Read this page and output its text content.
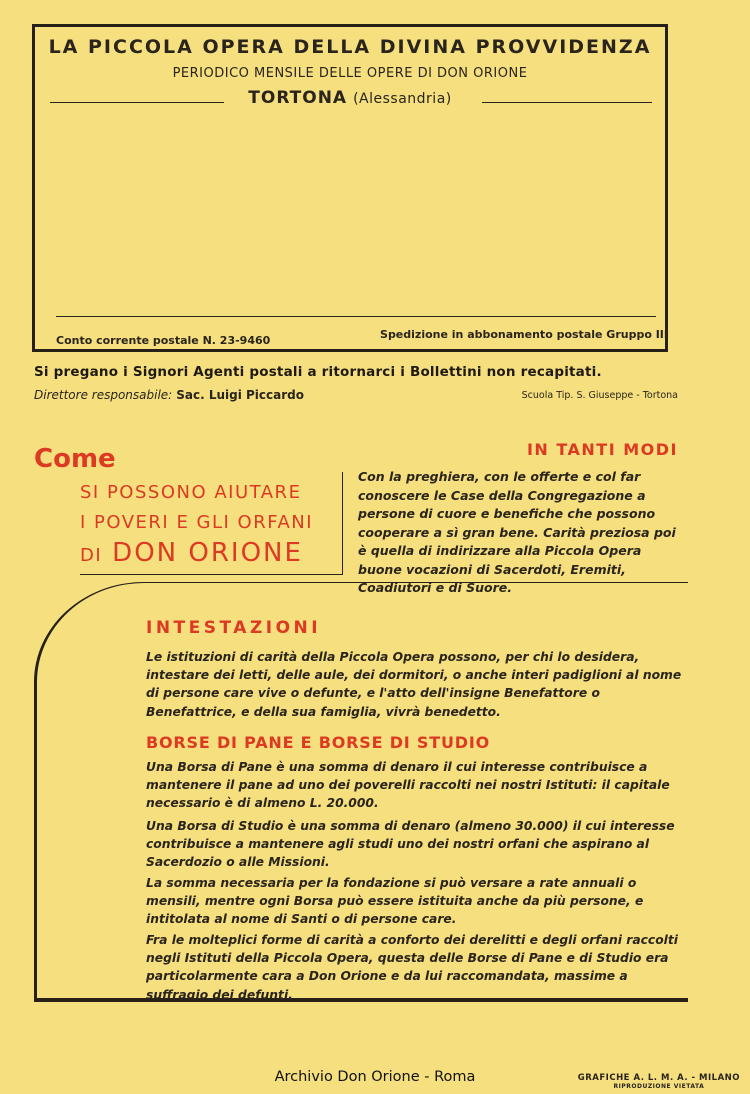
LA PICCOLA OPERA DELLA DIVINA PROVVIDENZA
PERIODICO MENSILE DELLE OPERE DI DON ORIONE
TORTONA (Alessandria)
Conto corrente postale N. 23-9460	Spedizione in abbonamento postale Gruppo III
Si pregano i Signori Agenti postali a ritornarci i Bollettini non recapitati.
Direttore responsabile: Sac. Luigi Piccardo	Scuola Tip. S. Giuseppe - Tortona
Come
SI POSSONO AIUTARE
I POVERI E GLI ORFANI
DI DON ORIONE
IN TANTI MODI
Con la preghiera, con le offerte e col far conoscere le Case della Congregazione a persone di cuore e benefiche che possono cooperare a sì gran bene. Carità preziosa poi è quella di indirizzare alla Piccola Opera buone vocazioni di Sacerdoti, Eremiti, Coadiutori e di Suore.
INTESTAZIONI
Le istituzioni di carità della Piccola Opera possono, per chi lo desidera, intestare dei letti, delle aule, dei dormitori, o anche interi padiglioni al nome di persone care vive o defunte, e l'atto dell'insigne Benefattore o Benefattrice, e della sua famiglia, vivrà benedetto.
BORSE DI PANE E BORSE DI STUDIO
Una Borsa di Pane è una somma di denaro il cui interesse contribuisce a mantenere il pane ad uno dei poverelli raccolti nei nostri Istituti: il capitale necessario è di almeno L. 20.000.
Una Borsa di Studio è una somma di denaro (almeno 30.000) il cui interesse contribuisce a mantenere agli studi uno dei nostri orfani che aspirano al Sacerdozio o alle Missioni.
La somma necessaria per la fondazione si può versare a rate annuali o mensili, mentre ogni Borsa può essere istituita anche da più persone, e intitolata al nome di Santi o di persone care.
Fra le molteplici forme di carità a conforto dei derelitti e degli orfani raccolti negli Istituti della Piccola Opera, questa delle Borse di Pane e di Studio era particolarmente cara a Don Orione e da lui raccomandata, massime a suffragio dei defunti.
Archivio Don Orione - Roma	GRAFICHE A. L. M. A. - MILANO
RIPRODUZIONE VIETATA
